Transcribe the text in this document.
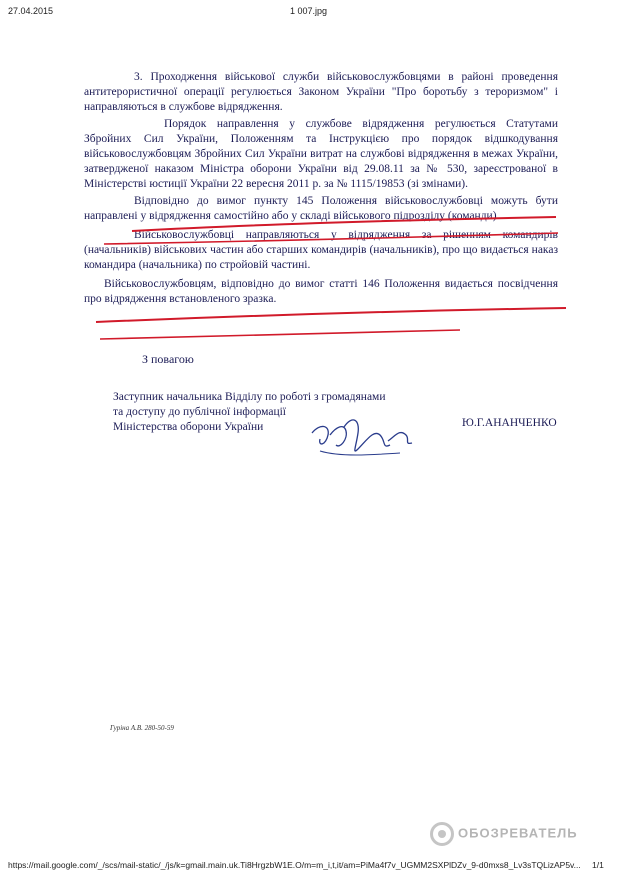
27.04.2015	1 007.jpg

3. Проходження військової служби військовослужбовцями в районі проведення антитерористичної операції регулюється Законом України "Про боротьбу з тероризмом" і направляються в службове відрядження.

Порядок направлення у службове відрядження регулюється Статутами Збройних Сил України, Положенням та Інструкцією про порядок відшкодування військовослужбовцям Збройних Сил України витрат на службові відрядження в межах України, затвердженої наказом Міністра оборони України від 29.08.11 за № 530, зареєстрованої в Міністерстві юстиції України 22 вересня 2011 р. за № 1115/19853 (зі змінами).

Відповідно до вимог пункту 145 Положення військовослужбовці можуть бути направлені у відрядження самостійно або у складі військового підрозділу (команди).

Військовослужбовці направляються у відрядження за рішенням командирів (начальників) військових частин або старших командирів (начальників), про що видається наказ командира (начальника) по стройовій частині.

Військовослужбовцям, відповідно до вимог статті 146 Положення видається посвідчення про відрядження встановленого зразка.

З повагою
Заступник начальника Відділу по роботі з громадянами
та доступу до публічної інформації
Міністерства оборони України	Ю.Г.АНАНЧЕНКО
Гуріна А.В. 280-50-59
ОБОЗРЕВАТЕЛЬ
https://mail.google.com/_/scs/mail-static/_/js/k=gmail.main.uk.Ti8HrgzbW1E.O/m=m_i,t,it/am=PiMa4f7v_UGMM2SXPlDZv_9-d0mxs8_Lv3sTQLizAP5v... 1/1
